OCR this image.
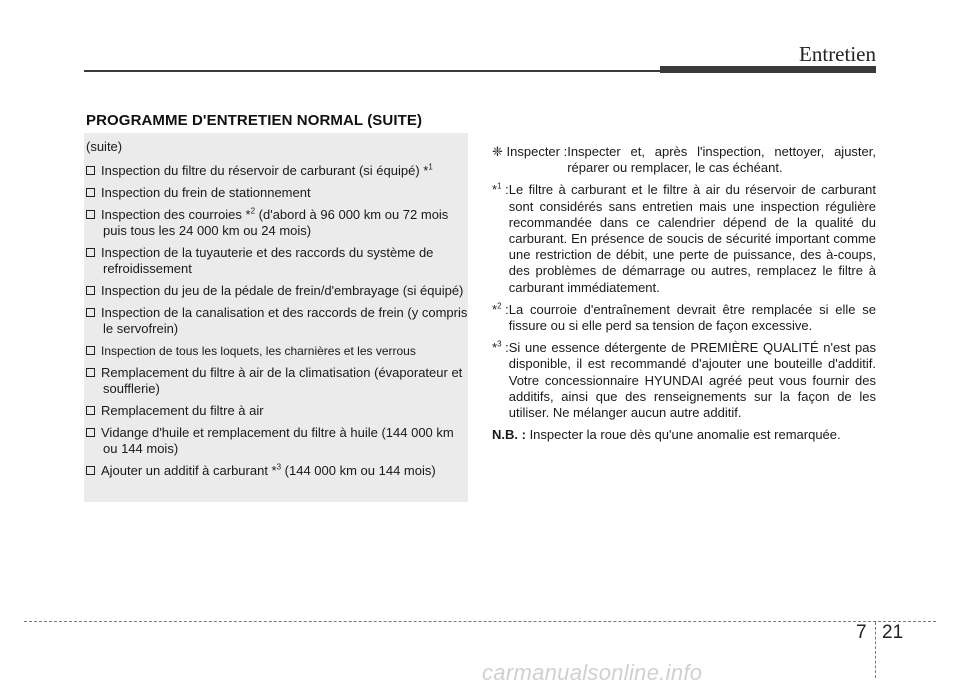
Entretien
PROGRAMME D'ENTRETIEN NORMAL (SUITE)
(suite)
Inspection du filtre du réservoir de carburant (si équipé) *$^1$
Inspection du frein de stationnement
Inspection des courroies *$^2$ (d'abord à 96 000 km ou 72 mois puis tous les 24 000 km ou 24 mois)
Inspection de la tuyauterie et des raccords du système de refroidissement
Inspection du jeu de la pédale de frein/d'embrayage (si équipé)
Inspection de la canalisation et des raccords de frein (y compris le servofrein)
Inspection de tous les loquets, les charnières et les verrous
Remplacement du filtre à air de la climatisation (évaporateur et soufflerie)
Remplacement du filtre à air
Vidange d'huile et remplacement du filtre à huile (144 000 km ou 144 mois)
Ajouter un additif à carburant *$^3$ (144 000 km ou 144 mois)
❈ Inspecter : Inspecter et, après l'inspection, nettoyer, ajuster, réparer ou remplacer, le cas échéant.
*$^1$ : Le filtre à carburant et le filtre à air du réservoir de carburant sont considérés sans entretien mais une inspection régulière recommandée dans ce calendrier dépend de la qualité du carburant. En présence de soucis de sécurité important comme une restriction de débit, une perte de puissance, des à-coups, des problèmes de démarrage ou autres, remplacez le filtre à carburant immédiatement.
*$^2$ : La courroie d'entraînement devrait être remplacée si elle se fissure ou si elle perd sa tension de façon excessive.
*$^3$ : Si une essence détergente de PREMIÈRE QUALITÉ n'est pas disponible, il est recommandé d'ajouter une bouteille d'additif. Votre concessionnaire HYUNDAI agréé peut vous fournir des additifs, ainsi que des renseignements sur la façon de les utiliser. Ne mélanger aucun autre additif.
N.B. : Inspecter la roue dès qu'une anomalie est remarquée.
7 21
carmanualsonline.info
